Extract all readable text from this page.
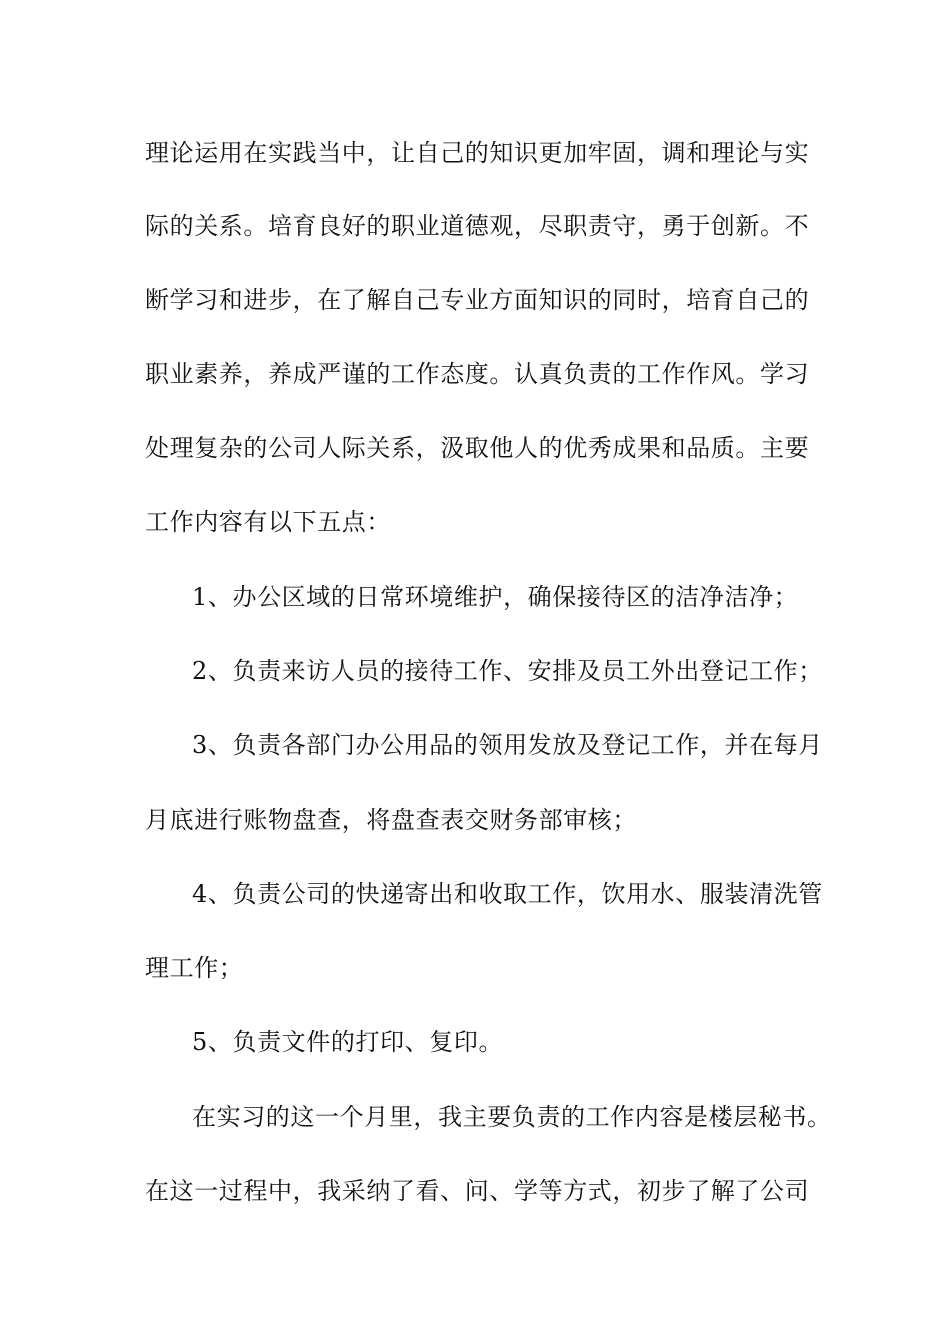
理论运用在实践当中，让自己的知识更加牢固，调和理论与实
际的关系。培育良好的职业道德观，尽职责守，勇于创新。不
断学习和进步，在了解自己专业方面知识的同时，培育自己的
职业素养，养成严谨的工作态度。认真负责的工作作风。学习
处理复杂的公司人际关系，汲取他人的优秀成果和品质。主要
工作内容有以下五点：
1、办公区域的日常环境维护，确保接待区的洁净洁净；
2、负责来访人员的接待工作、安排及员工外出登记工作；
3、负责各部门办公用品的领用发放及登记工作，并在每月
月底进行账物盘查，将盘查表交财务部审核；
4、负责公司的快递寄出和收取工作，饮用水、服装清洗管
理工作；
5、负责文件的打印、复印。
在实习的这一个月里，我主要负责的工作内容是楼层秘书。
在这一过程中，我采纳了看、问、学等方式，初步了解了公司
